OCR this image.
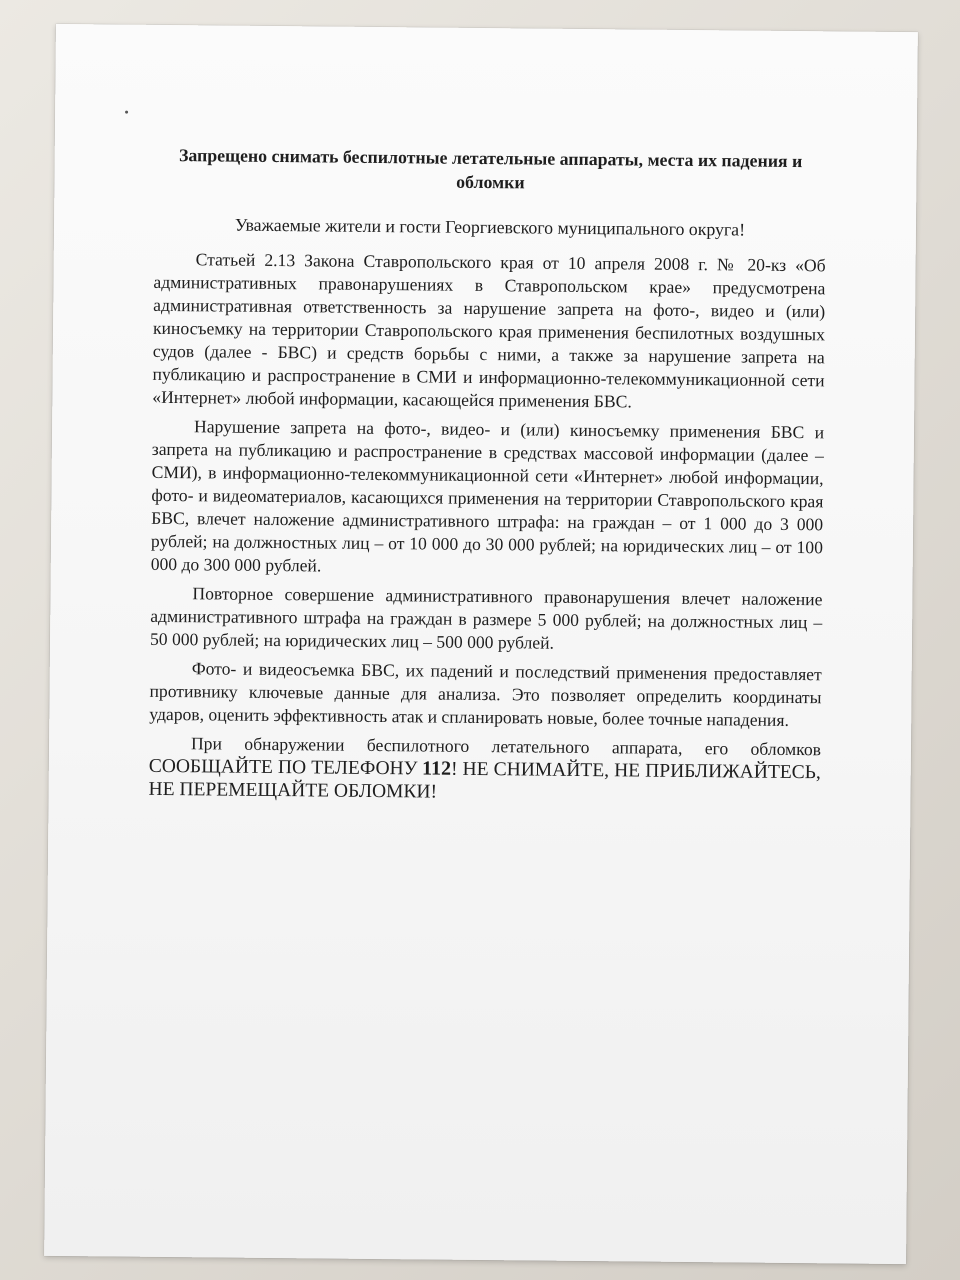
Запрещено снимать беспилотные летательные аппараты, места их падения и обломки

Уважаемые жители и гости Георгиевского муниципального округа!

Статьей 2.13 Закона Ставропольского края от 10 апреля 2008 г. № 20-кз «Об административных правонарушениях в Ставропольском крае» предусмотрена административная ответственность за нарушение запрета на фото-, видео и (или) киносъемку на территории Ставропольского края применения беспилотных воздушных судов (далее - БВС) и средств борьбы с ними, а также за нарушение запрета на публикацию и распространение в СМИ и информационно-телекоммуникационной сети «Интернет» любой информации, касающейся применения БВС.

Нарушение запрета на фото-, видео- и (или) киносъемку применения БВС и запрета на публикацию и распространение в средствах массовой информации (далее – СМИ), в информационно-телекоммуникационной сети «Интернет» любой информации, фото- и видеоматериалов, касающихся применения на территории Ставропольского края БВС, влечет наложение административного штрафа: на граждан – от 1 000 до 3 000 рублей; на должностных лиц – от 10 000 до 30 000 рублей; на юридических лиц – от 100 000 до 300 000 рублей.

Повторное совершение административного правонарушения влечет наложение административного штрафа на граждан в размере 5 000 рублей; на должностных лиц – 50 000 рублей; на юридических лиц – 500 000 рублей.

Фото- и видеосъемка БВС, их падений и последствий применения предоставляет противнику ключевые данные для анализа. Это позволяет определить координаты ударов, оценить эффективность атак и спланировать новые, более точные нападения.

При обнаружении беспилотного летательного аппарата, его обломков СООБЩАЙТЕ ПО ТЕЛЕФОНУ 112! НЕ СНИМАЙТЕ, НЕ ПРИБЛИЖАЙТЕСЬ, НЕ ПЕРЕМЕЩАЙТЕ ОБЛОМКИ!
